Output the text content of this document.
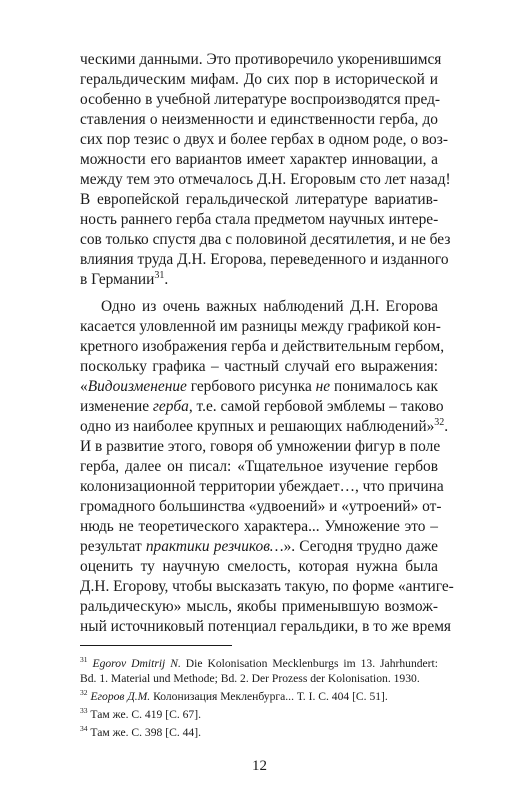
ческими данными. Это противоречило укоренившимся
геральдическим мифам. До сих пор в исторической и
особенно в учебной литературе воспроизводятся пред-
ставления о неизменности и единственности герба, до
сих пор тезис о двух и более гербах в одном роде, о воз-
можности его вариантов имеет характер инновации, а
между тем это отмечалось Д.Н. Егоровым сто лет назад!
В европейской геральдической литературе вариатив-
ность раннего герба стала предметом научных интере-
сов только спустя два с половиной десятилетия, и не без
влияния труда Д.Н. Егорова, переведенного и изданного
в Германии$^{31}$.
Одно из очень важных наблюдений Д.Н. Егорова
касается уловленной им разницы между графикой кон-
кретного изображения герба и действительным гербом,
поскольку графика – частный случай его выражения:
«Видоизменение гербового рисунка не понималось как
изменение герба, т.е. самой гербовой эмблемы – таково
одно из наиболее крупных и решающих наблюдений»$^{32}$.
И в развитие этого, говоря об умножении фигур в поле
герба, далее он писал: «Тщательное изучение гербов
колонизационной территории убеждает…, что причина
громадного большинства «удвоений» и «утроений» от-
нюдь не теоретического характера... Умножение это –
результат практики резчиков…». Сегодня трудно даже
оценить ту научную смелость, которая нужна была
Д.Н. Егорову, чтобы высказать такую, по форме «антиге-
ральдическую» мысль, якобы применывшую возмож-
ный источниковый потенциал геральдики, в то же время
$^{31}$ Egorov Dmitrij N. Die Kolonisation Mecklenburgs im 13. Jahrhundert:
Bd. 1. Material und Methode; Bd. 2. Der Prozess der Kolonisation. 1930.
$^{32}$ Егоров Д.М. Колонизация Мекленбурга... Т. I. С. 404 [С. 51].
$^{33}$ Там же. С. 419 [С. 67].
$^{34}$ Там же. С. 398 [С. 44].
12
